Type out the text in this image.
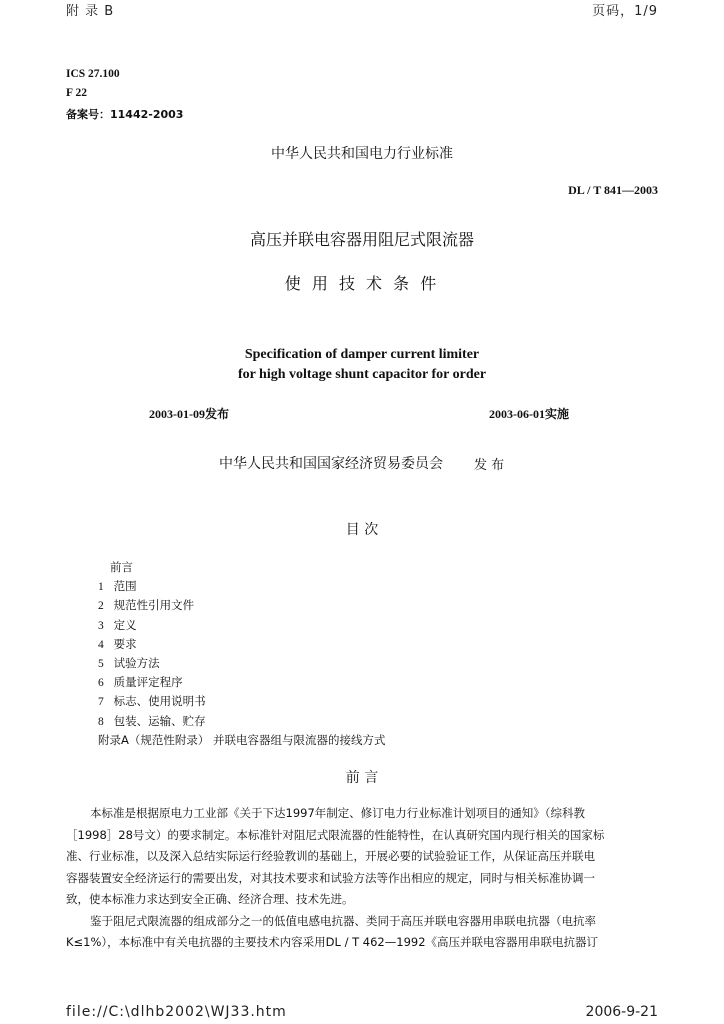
附 录 B	页码，1/9
ICS 27.100
F 22
备案号：11442-2003
中华人民共和国电力行业标准
DL / T 841—2003
高压并联电容器用阻尼式限流器
使 用 技 术 条 件
Specification of damper current limiter
for high voltage shunt capacitor for order
2003-01-09发布	2003-06-01实施
中华人民共和国国家经济贸易委员会 发 布
目 次
前言
1 范围
2 规范性引用文件
3 定义
4 要求
5 试验方法
6 质量评定程序
7 标志、使用说明书
8 包装、运输、贮存
附录A（规范性附录） 并联电容器组与限流器的接线方式
前 言
本标准是根据原电力工业部《关于下达1997年制定、修订电力行业标准计划项目的通知》（综科教
［1998］28号文）的要求制定。本标准针对阻尼式限流器的性能特性，在认真研究国内现行相关的国家标
准、行业标准，以及深入总结实际运行经验教训的基础上，开展必要的试验验证工作，从保证高压并联电
容器装置安全经济运行的需要出发，对其技术要求和试验方法等作出相应的规定，同时与相关标准协调一
致，使本标准力求达到安全正确、经济合理、技术先进。
鉴于阻尼式限流器的组成部分之一的低值电感电抗器、类同于高压并联电容器用串联电抗器（电抗率
K≤1%），本标准中有关电抗器的主要技术内容采用DL / T 462—1992《高压并联电容器用串联电抗器订
file://C:\dlhb2002\WJ33.htm	2006-9-21
